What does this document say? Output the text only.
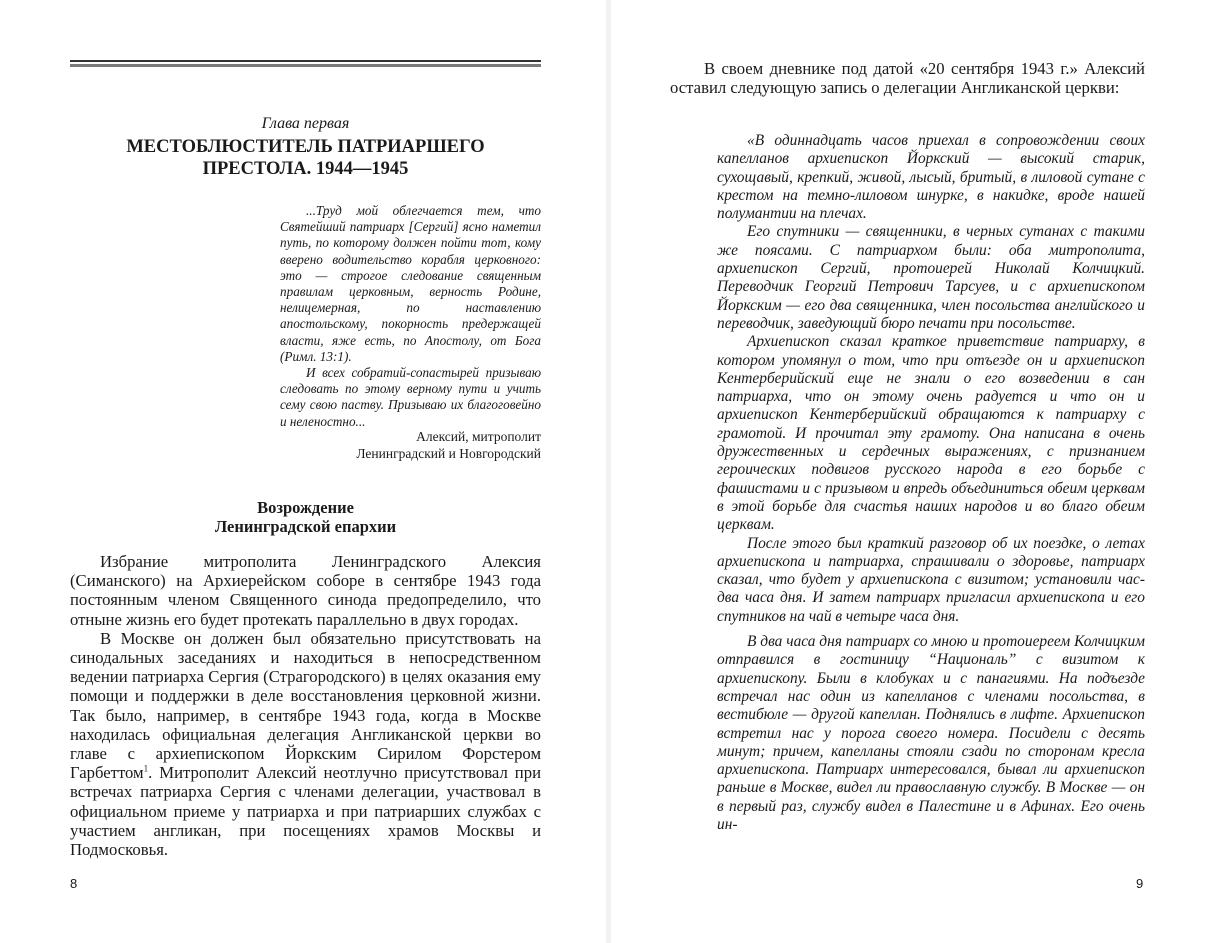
Глава первая
МЕСТОБЛЮСТИТЕЛЬ ПАТРИАРШЕГО
ПРЕСТОЛА. 1944—1945

...Труд мой облегчается тем, что Святейший патриарх [Сергий] ясно наметил путь, по которому должен пойти тот, кому вверено водительство корабля церковного: это — строгое следование священным правилам церковным, верность Родине, нелицемерная, по наставлению апостольскому, покорность предержащей власти, яже есть, по Апостолу, от Бога (Римл. 13:1).

И всех собратий-сопастырей призываю следовать по этому верному пути и учить сему свою паству. Призываю их благоговейно и неленостно...

Алексий, митрополит
Ленинградский и Новгородский
Возрождение
Ленинградской епархии

Избрание митрополита Ленинградского Алексия (Симанского) на Архиерейском соборе в сентябре 1943 года постоянным членом Священного синода предопределило, что отныне жизнь его будет протекать параллельно в двух городах.

В Москве он должен был обязательно присутствовать на синодальных заседаниях и находиться в непосредственном ведении патриарха Сергия (Страгородского) в целях оказания ему помощи и поддержки в деле восстановления церковной жизни. Так было, например, в сентябре 1943 года, когда в Москве находилась официальная делегация Англиканской церкви во главе с архиепископом Йоркским Сирилом Форстером Гарбеттом$^1$. Митрополит Алексий неотлучно присутствовал при встречах патриарха Сергия с членами делегации, участвовал в официальном приеме у патриарха и при патриарших службах с участием англикан, при посещениях храмов Москвы и Подмосковья.

8

В своем дневнике под датой «20 сентября 1943 г.» Алексий оставил следующую запись о делегации Англиканской церкви:

«В одиннадцать часов приехал в сопровождении своих капелланов архиепископ Йоркский — высокий старик, сухощавый, крепкий, живой, лысый, бритый, в лиловой сутане с крестом на темно-лиловом шнурке, в накидке, вроде нашей полумантии на плечах.

Его спутники — священники, в черных сутанах с такими же поясами. С патриархом были: оба митрополита, архиепископ Сергий, протоиерей Николай Колчицкий. Переводчик Георгий Петрович Тарсуев, и с архиепископом Йоркским — его два священника, член посольства английского и переводчик, заведующий бюро печати при посольстве.

Архиепископ сказал краткое приветствие патриарху, в котором упомянул о том, что при отъезде он и архиепископ Кентерберийский еще не знали о его возведении в сан патриарха, что он этому очень радуется и что он и архиепископ Кентерберийский обращаются к патриарху с грамотой. И прочитал эту грамоту. Она написана в очень дружественных и сердечных выражениях, с признанием героических подвигов русского народа в его борьбе с фашистами и с призывом и впредь объединиться обеим церквам в этой борьбе для счастья наших народов и во благо обеим церквам.

После этого был краткий разговор об их поездке, о летах архиепископа и патриарха, спрашивали о здоровье, патриарх сказал, что будет у архиепископа с визитом; установили час-два часа дня. И затем патриарх пригласил архиепископа и его спутников на чай в четыре часа дня.

В два часа дня патриарх со мною и протоиереем Колчицким отправился в гостиницу “Националь” с визитом к архиепископу. Были в клобуках и с панагиями. На подъезде встречал нас один из капелланов с членами посольства, в вестибюле — другой капеллан. Поднялись в лифте. Архиепископ встретил нас у порога своего номера. Посидели с десять минут; причем, капелланы стояли сзади по сторонам кресла архиепископа. Патриарх интересовался, бывал ли архиепископ раньше в Москве, видел ли православную службу. В Москве — он в первый раз, службу видел в Палестине и в Афинах. Его очень ин-

9
